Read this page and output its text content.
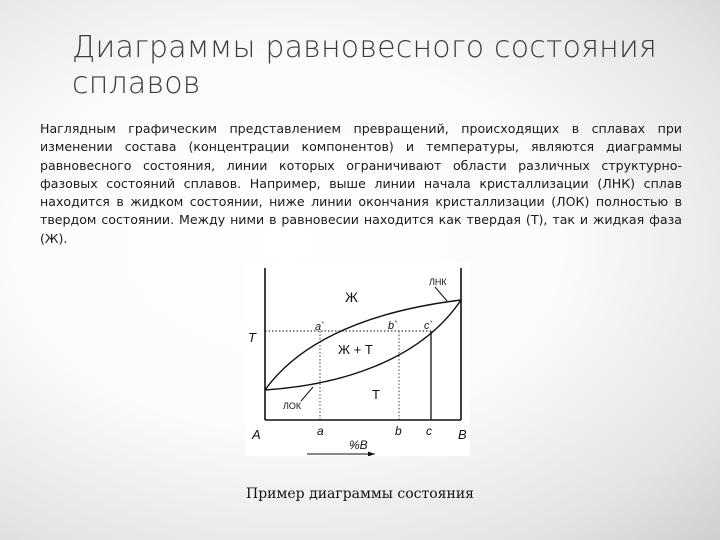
Диаграммы равновесного состояния сплавов
Наглядным графическим представлением превращений, происходящих в сплавах при изменении состава (концентрации компонентов) и температуры, являются диаграммы равновесного состояния, линии которых ограничивают области различных структурно-фазовых состояний сплавов. Например, выше линии начала кристаллизации (ЛНК) сплав находится в жидком состоянии, ниже линии окончания кристаллизации (ЛОК) полностью в твердом состоянии. Между ними в равновесии находится как твердая (Т), так и жидкая фаза (Ж).
Ж
Ж + Т
Т
ЛНК
ЛОК
T
a`	b` c`
A	B
a	b c
%B
Пример диаграммы состояния
